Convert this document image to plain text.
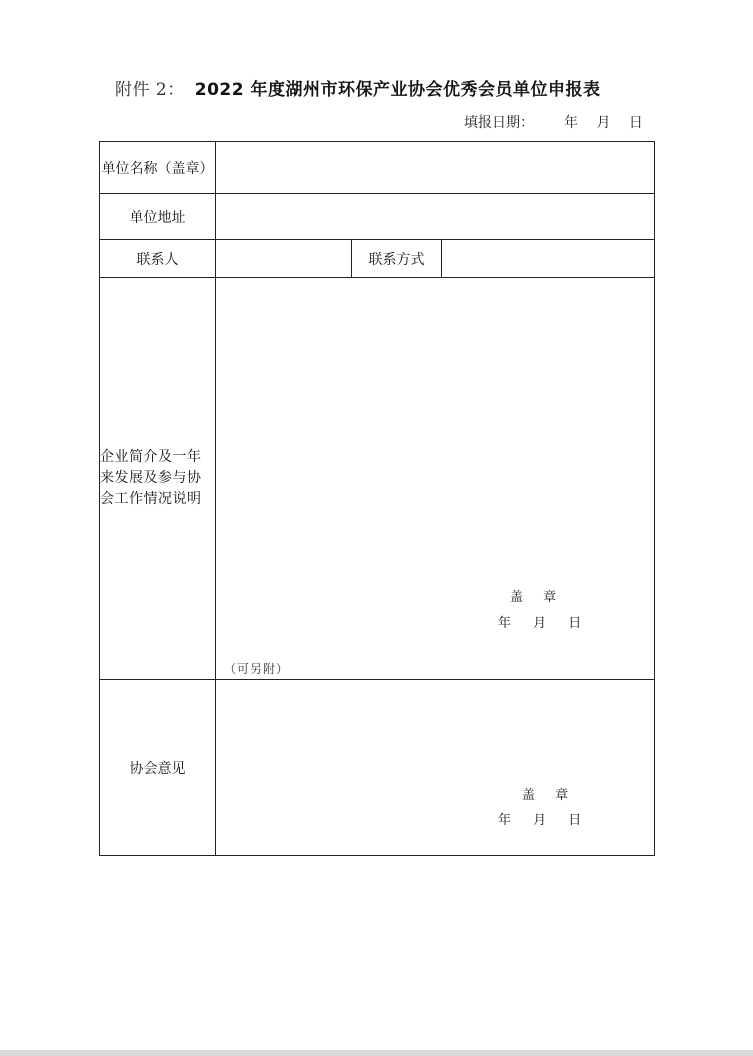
附件 2： 2022 年度湖州市环保产业协会优秀会员单位申报表
填报日期： 年 月 日
单位名称（盖章）			
单位地址			
联系人		联系方式	
企业简介及一年来发展及参与协会工作情况说明	盖 章
年 月 日
（可另附）		

协会意见	盖 章
年 月 日		
